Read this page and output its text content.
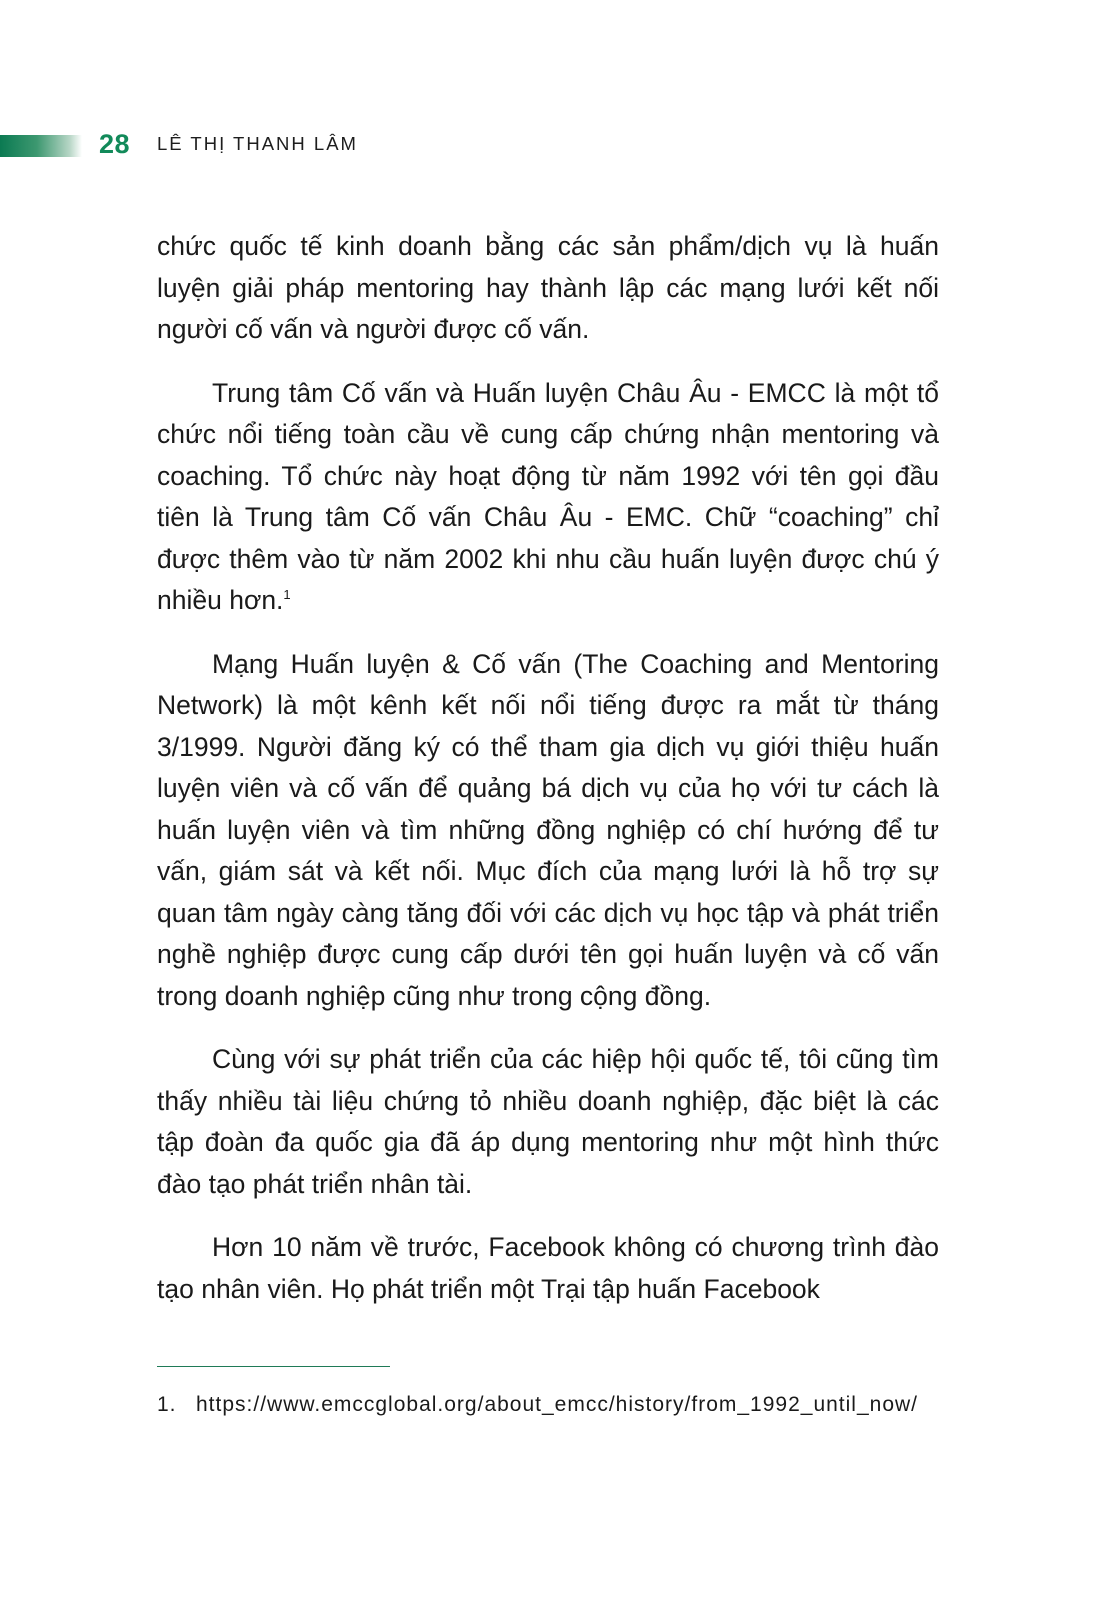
28 LÊ THỊ THANH LÂM

chức quốc tế kinh doanh bằng các sản phẩm/dịch vụ là huấn luyện giải pháp mentoring hay thành lập các mạng lưới kết nối người cố vấn và người được cố vấn.

Trung tâm Cố vấn và Huấn luyện Châu Âu - EMCC là một tổ chức nổi tiếng toàn cầu về cung cấp chứng nhận mentoring và coaching. Tổ chức này hoạt động từ năm 1992 với tên gọi đầu tiên là Trung tâm Cố vấn Châu Âu - EMC. Chữ “coaching” chỉ được thêm vào từ năm 2002 khi nhu cầu huấn luyện được chú ý nhiều hơn.$^1$

Mạng Huấn luyện & Cố vấn (The Coaching and Mentoring Network) là một kênh kết nối nổi tiếng được ra mắt từ tháng 3/1999. Người đăng ký có thể tham gia dịch vụ giới thiệu huấn luyện viên và cố vấn để quảng bá dịch vụ của họ với tư cách là huấn luyện viên và tìm những đồng nghiệp có chí hướng để tư vấn, giám sát và kết nối. Mục đích của mạng lưới là hỗ trợ sự quan tâm ngày càng tăng đối với các dịch vụ học tập và phát triển nghề nghiệp được cung cấp dưới tên gọi huấn luyện và cố vấn trong doanh nghiệp cũng như trong cộng đồng.

Cùng với sự phát triển của các hiệp hội quốc tế, tôi cũng tìm thấy nhiều tài liệu chứng tỏ nhiều doanh nghiệp, đặc biệt là các tập đoàn đa quốc gia đã áp dụng mentoring như một hình thức đào tạo phát triển nhân tài.

Hơn 10 năm về trước, Facebook không có chương trình đào tạo nhân viên. Họ phát triển một Trại tập huấn Facebook

1. https://www.emccglobal.org/about_emcc/history/from_1992_until_now/
